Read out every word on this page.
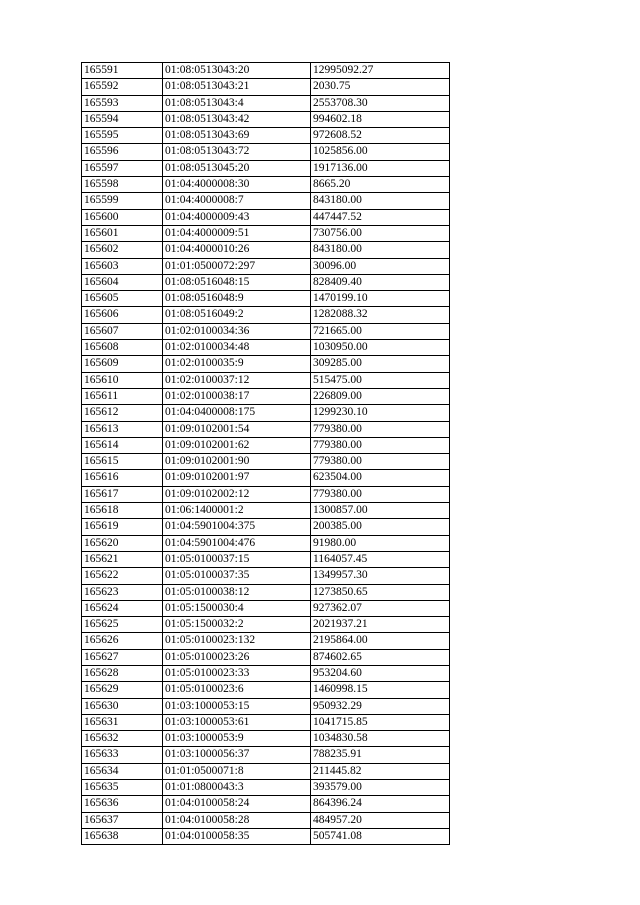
165591	01:08:0513043:20	12995092.27
165592	01:08:0513043:21	2030.75
165593	01:08:0513043:4	2553708.30
165594	01:08:0513043:42	994602.18
165595	01:08:0513043:69	972608.52
165596	01:08:0513043:72	1025856.00
165597	01:08:0513045:20	1917136.00
165598	01:04:4000008:30	8665.20
165599	01:04:4000008:7	843180.00
165600	01:04:4000009:43	447447.52
165601	01:04:4000009:51	730756.00
165602	01:04:4000010:26	843180.00
165603	01:01:0500072:297	30096.00
165604	01:08:0516048:15	828409.40
165605	01:08:0516048:9	1470199.10
165606	01:08:0516049:2	1282088.32
165607	01:02:0100034:36	721665.00
165608	01:02:0100034:48	1030950.00
165609	01:02:0100035:9	309285.00
165610	01:02:0100037:12	515475.00
165611	01:02:0100038:17	226809.00
165612	01:04:0400008:175	1299230.10
165613	01:09:0102001:54	779380.00
165614	01:09:0102001:62	779380.00
165615	01:09:0102001:90	779380.00
165616	01:09:0102001:97	623504.00
165617	01:09:0102002:12	779380.00
165618	01:06:1400001:2	1300857.00
165619	01:04:5901004:375	200385.00
165620	01:04:5901004:476	91980.00
165621	01:05:0100037:15	1164057.45
165622	01:05:0100037:35	1349957.30
165623	01:05:0100038:12	1273850.65
165624	01:05:1500030:4	927362.07
165625	01:05:1500032:2	2021937.21
165626	01:05:0100023:132	2195864.00
165627	01:05:0100023:26	874602.65
165628	01:05:0100023:33	953204.60
165629	01:05:0100023:6	1460998.15
165630	01:03:1000053:15	950932.29
165631	01:03:1000053:61	1041715.85
165632	01:03:1000053:9	1034830.58
165633	01:03:1000056:37	788235.91
165634	01:01:0500071:8	211445.82
165635	01:01:0800043:3	393579.00
165636	01:04:0100058:24	864396.24
165637	01:04:0100058:28	484957.20
165638	01:04:0100058:35	505741.08
